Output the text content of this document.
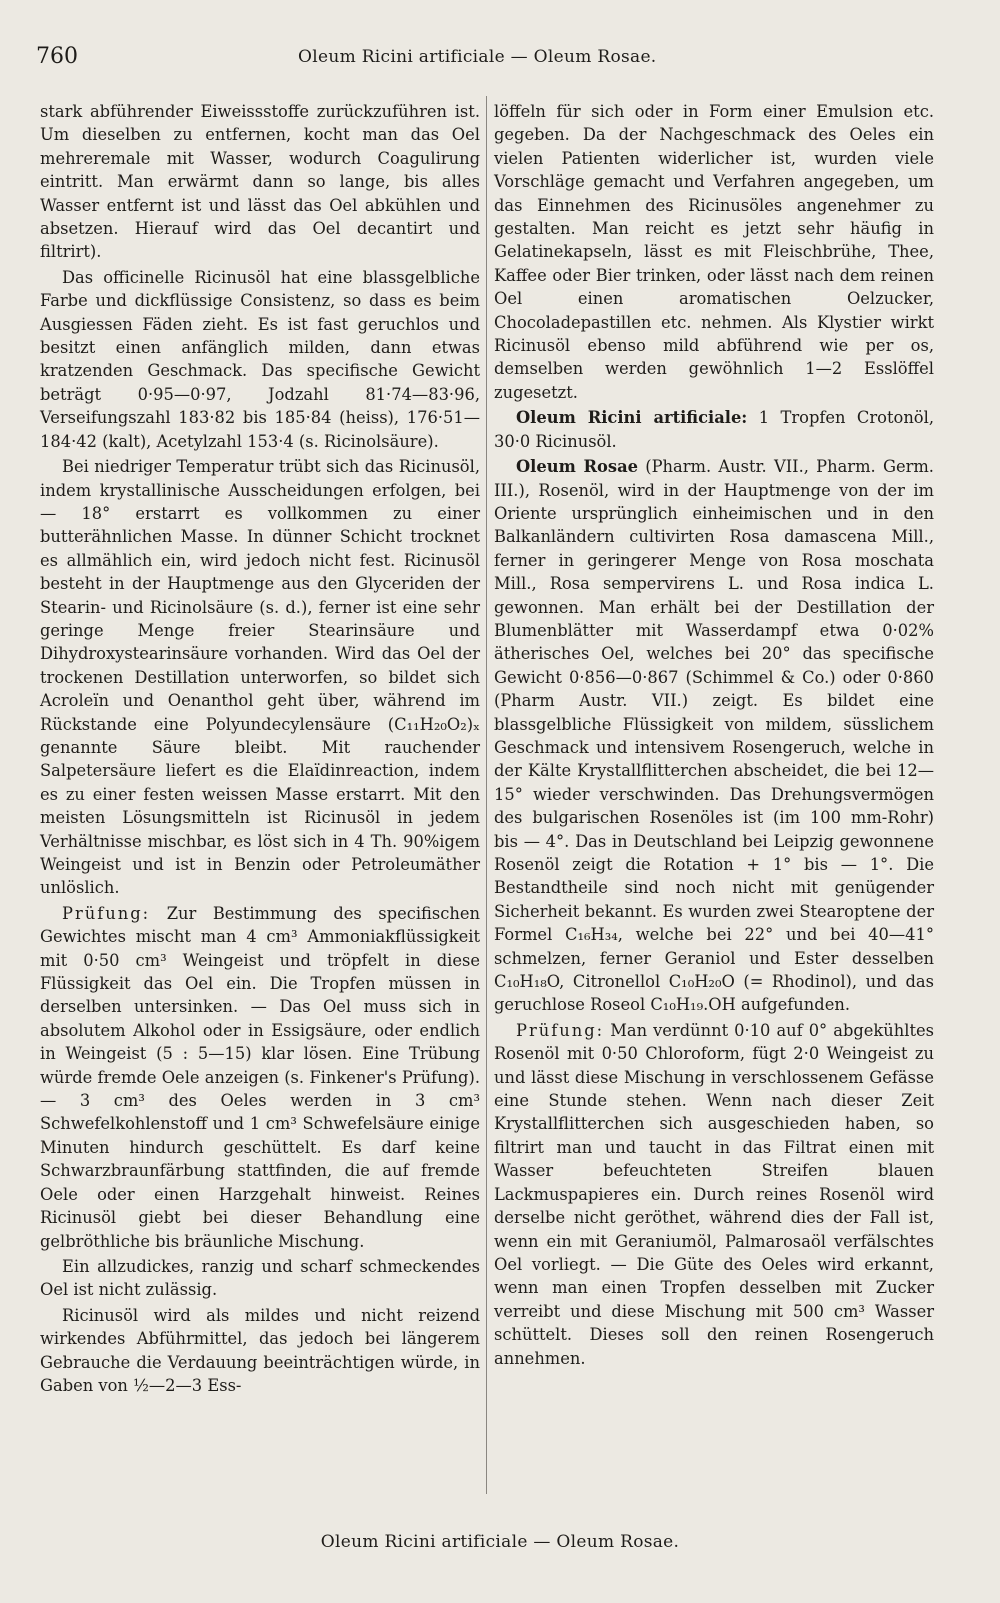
760	Oleum Ricini artificiale — Oleum Rosae.

stark abführender Eiweissstoffe zurückzuführen ist. Um dieselben zu entfernen, kocht man das Oel mehreremale mit Wasser, wodurch Coagulirung eintritt. Man erwärmt dann so lange, bis alles Wasser entfernt ist und lässt das Oel abkühlen und absetzen. Hierauf wird das Oel decantirt und filtrirt).

Das officinelle Ricinusöl hat eine blassgelbliche Farbe und dickflüssige Consistenz, so dass es beim Ausgiessen Fäden zieht. Es ist fast geruchlos und besitzt einen anfänglich milden, dann etwas kratzenden Geschmack. Das specifische Gewicht beträgt 0·95—0·97, Jodzahl 81·74—83·96, Verseifungszahl 183·82 bis 185·84 (heiss), 176·51—184·42 (kalt), Acetylzahl 153·4 (s. Ricinolsäure).

Bei niedriger Temperatur trübt sich das Ricinusöl, indem krystallinische Ausscheidungen erfolgen, bei — 18° erstarrt es vollkommen zu einer butterähnlichen Masse. In dünner Schicht trocknet es allmählich ein, wird jedoch nicht fest. Ricinusöl besteht in der Hauptmenge aus den Glyceriden der Stearin- und Ricinolsäure (s. d.), ferner ist eine sehr geringe Menge freier Stearinsäure und Dihydroxystearinsäure vorhanden. Wird das Oel der trockenen Destillation unterworfen, so bildet sich Acroleïn und Oenanthol geht über, während im Rückstande eine Polyundecylensäure (C₁₁H₂₀O₂)ₓ genannte Säure bleibt. Mit rauchender Salpetersäure liefert es die Elaïdinreaction, indem es zu einer festen weissen Masse erstarrt. Mit den meisten Lösungsmitteln ist Ricinusöl in jedem Verhältnisse mischbar, es löst sich in 4 Th. 90%igem Weingeist und ist in Benzin oder Petroleumäther unlöslich.

Prüfung: Zur Bestimmung des specifischen Gewichtes mischt man 4 cm³ Ammoniakflüssigkeit mit 0·50 cm³ Weingeist und tröpfelt in diese Flüssigkeit das Oel ein. Die Tropfen müssen in derselben untersinken. — Das Oel muss sich in absolutem Alkohol oder in Essigsäure, oder endlich in Weingeist (5 : 5—15) klar lösen. Eine Trübung würde fremde Oele anzeigen (s. Finkener's Prüfung). — 3 cm³ des Oeles werden in 3 cm³ Schwefelkohlenstoff und 1 cm³ Schwefelsäure einige Minuten hindurch geschüttelt. Es darf keine Schwarzbraunfärbung stattfinden, die auf fremde Oele oder einen Harzgehalt hinweist. Reines Ricinusöl giebt bei dieser Behandlung eine gelbröthliche bis bräunliche Mischung.

Ein allzudickes, ranzig und scharf schmeckendes Oel ist nicht zulässig.

Ricinusöl wird als mildes und nicht reizend wirkendes Abführmittel, das jedoch bei längerem Gebrauche die Verdauung beeinträchtigen würde, in Gaben von ½—2—3 Ess-

löffeln für sich oder in Form einer Emulsion etc. gegeben. Da der Nachgeschmack des Oeles ein vielen Patienten widerlicher ist, wurden viele Vorschläge gemacht und Verfahren angegeben, um das Einnehmen des Ricinusöles angenehmer zu gestalten. Man reicht es jetzt sehr häufig in Gelatinekapseln, lässt es mit Fleischbrühe, Thee, Kaffee oder Bier trinken, oder lässt nach dem reinen Oel einen aromatischen Oelzucker, Chocoladepastillen etc. nehmen. Als Klystier wirkt Ricinusöl ebenso mild abführend wie per os, demselben werden gewöhnlich 1—2 Esslöffel zugesetzt.

Oleum Ricini artificiale: 1 Tropfen Crotonöl, 30·0 Ricinusöl.

Oleum Rosae (Pharm. Austr. VII., Pharm. Germ. III.), Rosenöl, wird in der Hauptmenge von der im Oriente ursprünglich einheimischen und in den Balkanländern cultivirten Rosa damascena Mill., ferner in geringerer Menge von Rosa moschata Mill., Rosa sempervirens L. und Rosa indica L. gewonnen. Man erhält bei der Destillation der Blumenblätter mit Wasserdampf etwa 0·02% ätherisches Oel, welches bei 20° das specifische Gewicht 0·856—0·867 (Schimmel & Co.) oder 0·860 (Pharm Austr. VII.) zeigt. Es bildet eine blassgelbliche Flüssigkeit von mildem, süsslichem Geschmack und intensivem Rosengeruch, welche in der Kälte Krystallflitterchen abscheidet, die bei 12—15° wieder verschwinden. Das Drehungsvermögen des bulgarischen Rosenöles ist (im 100 mm-Rohr) bis — 4°. Das in Deutschland bei Leipzig gewonnene Rosenöl zeigt die Rotation + 1° bis — 1°. Die Bestandtheile sind noch nicht mit genügender Sicherheit bekannt. Es wurden zwei Stearoptene der Formel C₁₆H₃₄, welche bei 22° und bei 40—41° schmelzen, ferner Geraniol und Ester desselben C₁₀H₁₈O, Citronellol C₁₀H₂₀O (= Rhodinol), und das geruchlose Roseol C₁₀H₁₉.OH aufgefunden.

Prüfung: Man verdünnt 0·10 auf 0° abgekühltes Rosenöl mit 0·50 Chloroform, fügt 2·0 Weingeist zu und lässt diese Mischung in verschlossenem Gefässe eine Stunde stehen. Wenn nach dieser Zeit Krystallflitterchen sich ausgeschieden haben, so filtrirt man und taucht in das Filtrat einen mit Wasser befeuchteten Streifen blauen Lackmuspapieres ein. Durch reines Rosenöl wird derselbe nicht geröthet, während dies der Fall ist, wenn ein mit Geraniumöl, Palmarosaöl verfälschtes Oel vorliegt. — Die Güte des Oeles wird erkannt, wenn man einen Tropfen desselben mit Zucker verreibt und diese Mischung mit 500 cm³ Wasser schüttelt. Dieses soll den reinen Rosengeruch annehmen.

Oleum Ricini artificiale — Oleum Rosae.
